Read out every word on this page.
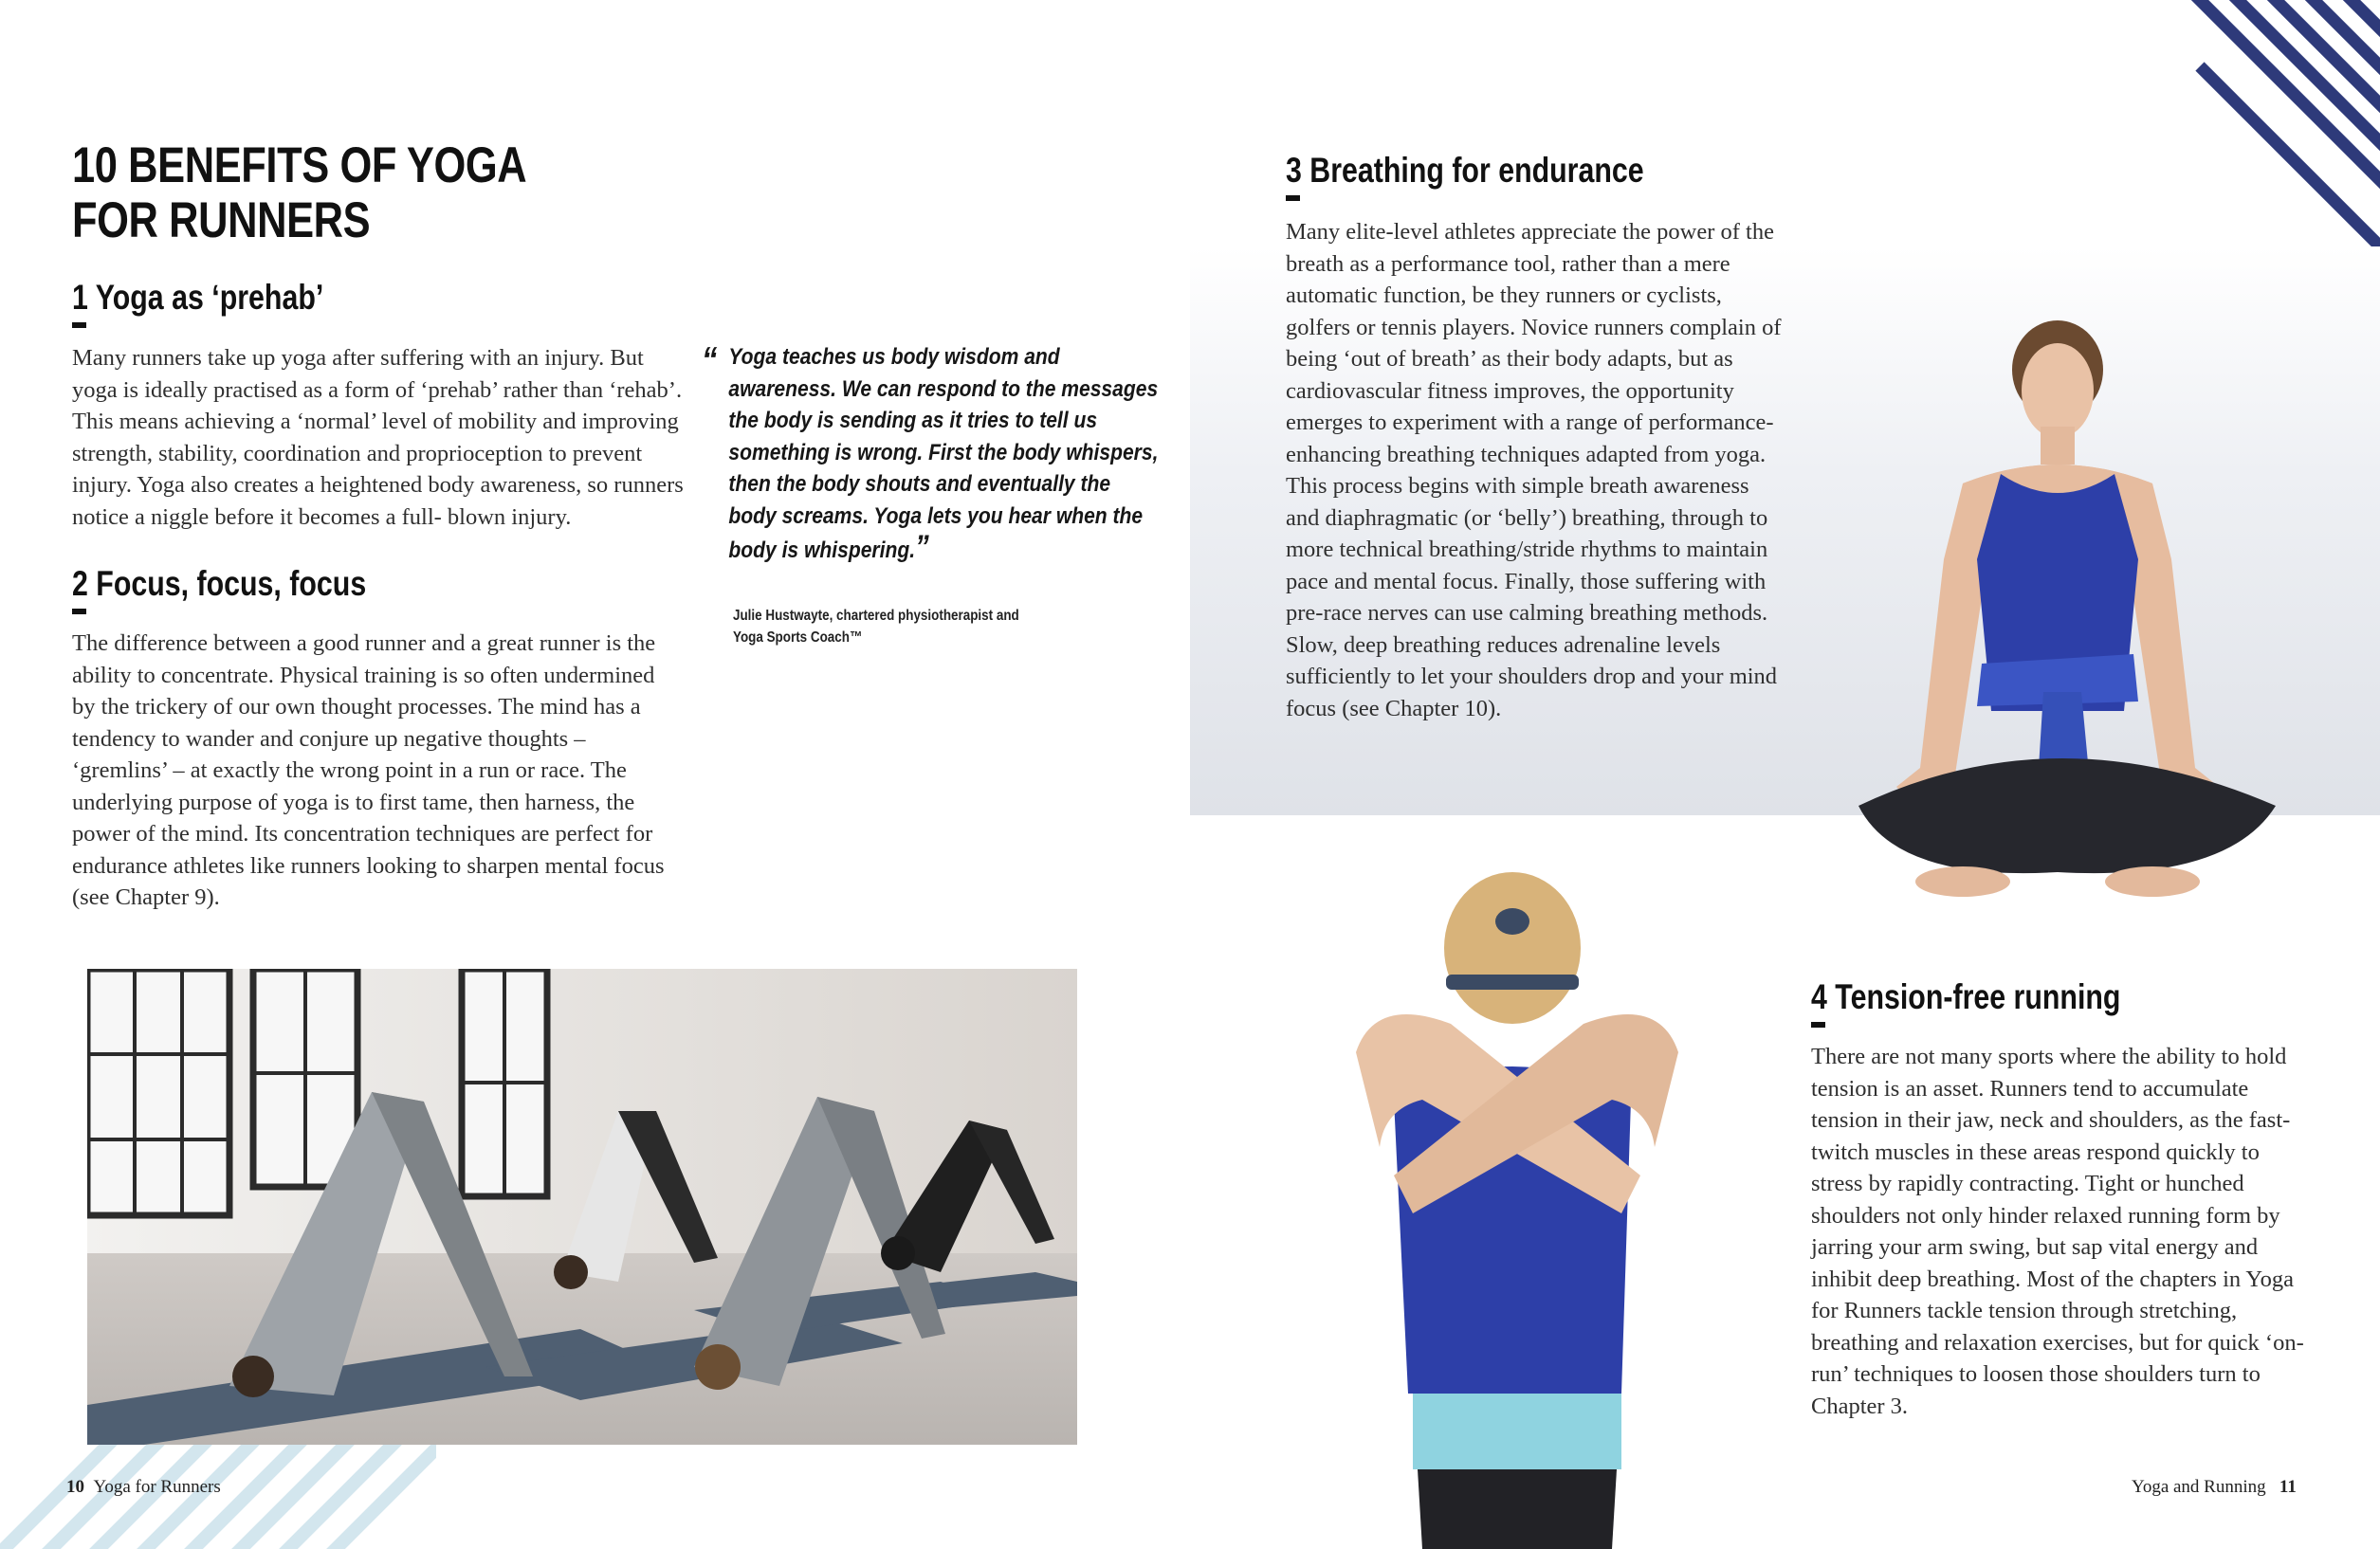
10 BENEFITS OF YOGA
FOR RUNNERS
1 Yoga as ‘prehab’

Many runners take up yoga after suffering with an injury. But yoga is ideally practised as a form of ‘prehab’ rather than ‘rehab’. This means achieving a ‘normal’ level of mobility and improving strength, stability, coordination and proprioception to prevent injury. Yoga also creates a heightened body awareness, so runners notice a niggle before it becomes a full- blown injury.

2 Focus, focus, focus

The difference between a good runner and a great runner is the ability to concentrate. Physical training is so often undermined by the trickery of our own thought processes. The mind has a tendency to wander and conjure up negative thoughts – ‘gremlins’ – at exactly the wrong point in a run or race. The underlying purpose of yoga is to first tame, then harness, the power of the mind. Its concentration techniques are perfect for endurance athletes like runners looking to sharpen mental focus (see Chapter 9).

“ Yoga teaches us body wisdom and awareness. We can respond to the messages the body is sending as it tries to tell us something is wrong. First the body whispers, then the body shouts and eventually the body screams. Yoga lets you hear when the body is whispering.”
Julie Hustwayte, chartered physiotherapist and
Yoga Sports Coach™
10 Yoga for Runners
3 Breathing for endurance

Many elite-level athletes appreciate the power of the breath as a performance tool, rather than a mere automatic function, be they runners or cyclists, golfers or tennis players. Novice runners complain of being ‘out of breath’ as their body adapts, but as cardiovascular fitness improves, the opportunity emerges to experiment with a range of performance-enhancing breathing techniques adapted from yoga. This process begins with simple breath awareness and diaphragmatic (or ‘belly’) breathing, through to more technical breathing/stride rhythms to maintain pace and mental focus. Finally, those suffering with pre-race nerves can use calming breathing methods. Slow, deep breathing reduces adrenaline levels sufficiently to let your shoulders drop and your mind focus (see Chapter 10).

4 Tension-free running

There are not many sports where the ability to hold tension is an asset. Runners tend to accumulate tension in their jaw, neck and shoulders, as the fast-twitch muscles in these areas respond quickly to stress by rapidly contracting. Tight or hunched shoulders not only hinder relaxed running form by jarring your arm swing, but sap vital energy and inhibit deep breathing. Most of the chapters in Yoga for Runners tackle tension through stretching, breathing and relaxation exercises, but for quick ‘on-run’ techniques to loosen those shoulders turn to Chapter 3.

Yoga and Running 11
